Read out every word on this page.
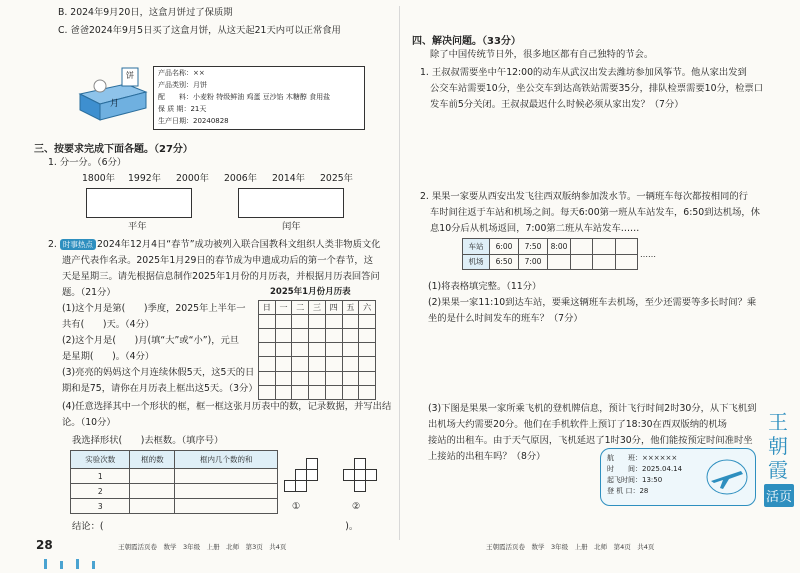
B. 2024年9月20日，这盒月饼过了保质期
C. 爸爸2024年9月5日买了这盒月饼，从这天起21天内可以正常食用
饼
月
产品名称：××
产品类别：月饼
配　　料：小麦粉 特级鲜油 鸡蛋 豆沙馅 木糖醇 食用盐
保 质 期：21天
生产日期：20240828
三、按要求完成下面各题。（27分）
1. 分一分。（6分）
1800年 1992年 2000年 2006年 2014年 2025年
平年	闰年
2. 时事热点 2024年12月4日“春节”成功被列入联合国教科文组织人类非物质文化
遗产代表作名录。2025年1月29日的春节成为申遗成功后的第一个春节，这
天是星期三。请先根据信息制作2025年1月份的月历表，并根据月历表回答问
题。（21分）	2025年1月份月历表
日	一	二	三	四	五	六

(1)这个月是第(　　)季度，2025年上半年一
共有(　　)天。（4分）
(2)这个月是(　　)月(填“大”或“小”)，元旦
是星期(　　)。（4分）
(3)亮亮的妈妈这个月连续休假5天，这5天的日
期和是75，请你在月历表上框出这5天。（3分）
(4)任意选择其中一个形状的框，框一框这张月历表中的数，记录数据，并写出结
论。（10分）
我选择形状(　　)去框数。（填序号）
实验次数	框的数	框内几个数的和
1		
2		
3			①	②
结论：(　　　　　　　　　　　　　　　　　　　　　　　　　　)。
28	王朝霞活页卷　数学　3年级　上册　北师　第3页　共4页
四、解决问题。（33分）
除了中国传统节日外，很多地区都有自己独特的节会。
1. 王叔叔需要坐中午12:00的动车从武汉出发去潍坊参加风筝节。他从家出发到
公交车站需要10分，坐公交车到达高铁站需要35分，排队检票需要10分，检票口
发车前5分关闭。王叔叔最迟什么时候必须从家出发？（7分）
2. 果果一家要从西安出发飞往西双版纳参加泼水节。一辆班车每次都按相同的行
车时间往返于车站和机场之间。每天6:00第一班从车站发车，6:50到达机场，休
息10分后从机场返回，7:00第二班从车站发车……
车站	6:00	7:50	8:00			
机场	6:50	7:00				
……
(1)将表格填完整。（11分）
(2)果果一家11:10到达车站，要乘这辆班车去机场，至少还需要等多长时间？乘
坐的是什么时间发车的班车？（7分）
(3)下图是果果一家所乘飞机的登机牌信息，预计飞行时间2时30分，从下飞机到
出机场大约需要20分。他们在手机软件上预订了18:30在西双版纳的机场
接站的出租车。由于天气原因，飞机延迟了1时30分，他们能按预定时间准时坐
上接站的出租车吗？（8分）	航　　班：××××××
时　　间：2025.04.14
起飞时间：13:50
登 机 口：28
王
朝
霞
活页
王朝霞活页卷　数学　3年级　上册　北师　第4页　共4页
